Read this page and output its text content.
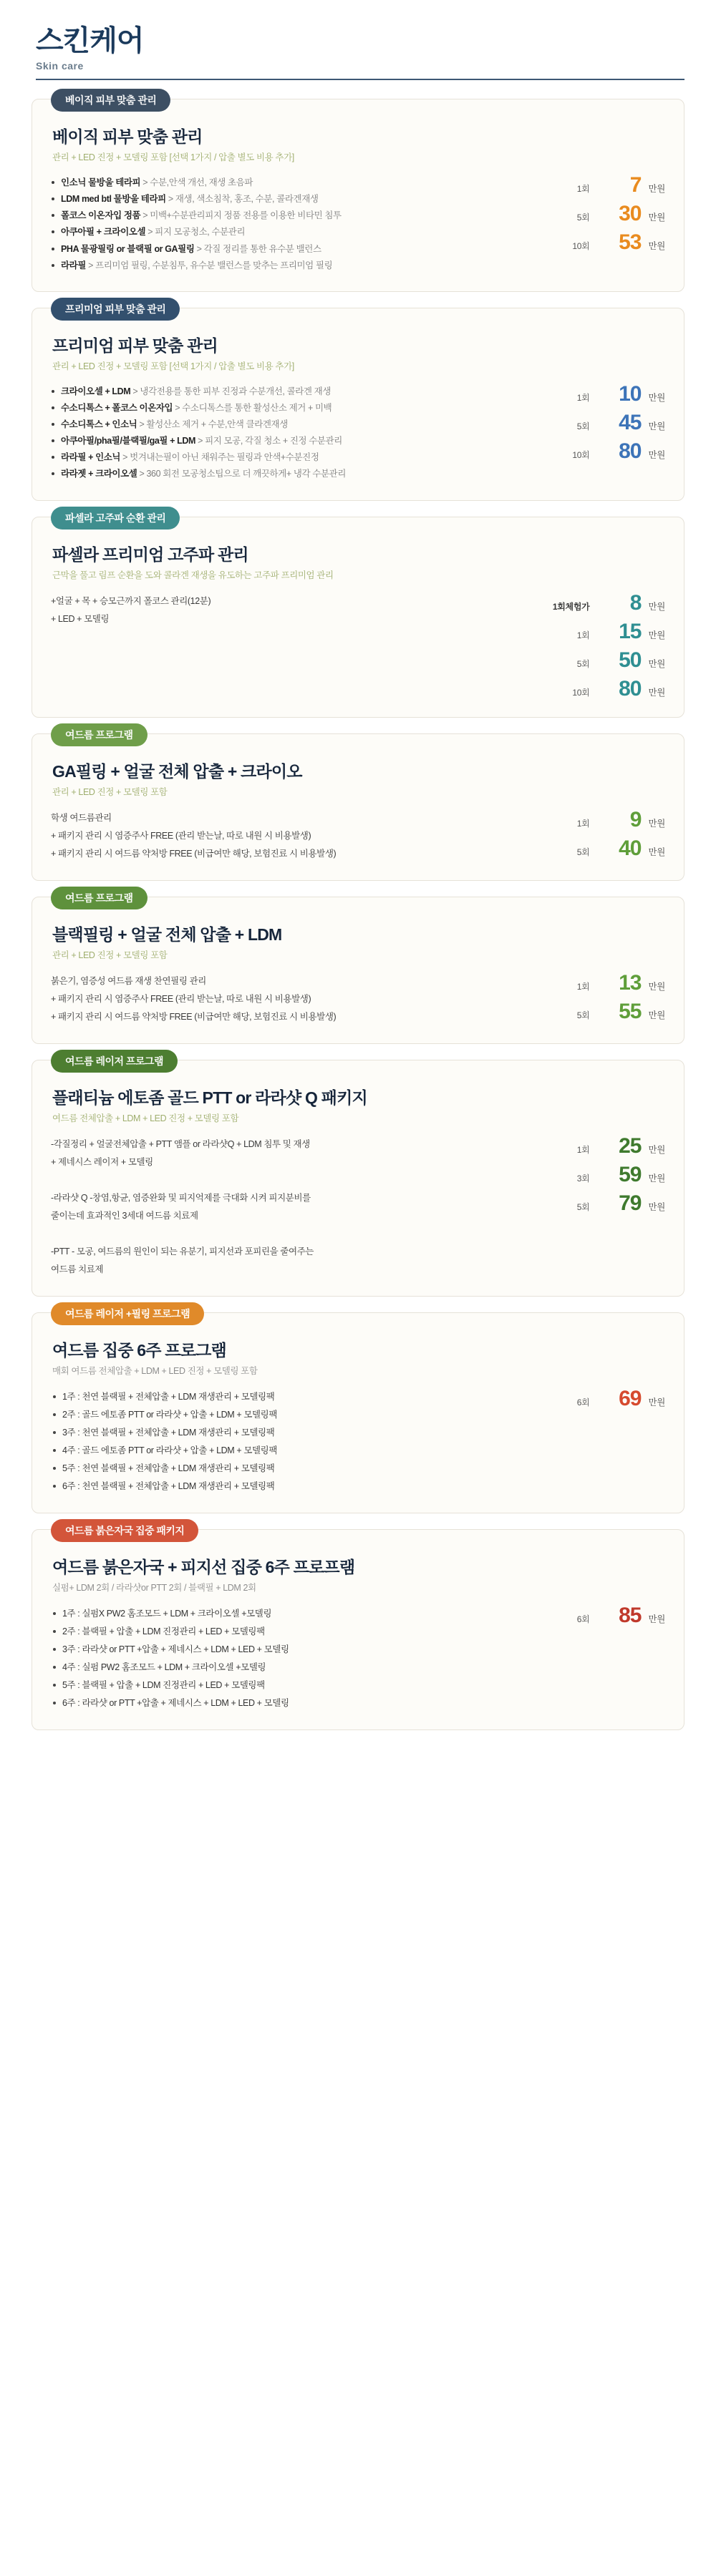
스킨케어
Skin care
베이직 피부 맞춤 관리
베이직 피부 맞춤 관리
관리 + LED 진정 + 모델링 포함 [선택 1가지 / 압출 별도 비용 추가]
인소닉 물방울 테라피 > 수분,안색 개선, 재생 초음파
LDM med btl 물방울 테라피 > 재생, 색소침착, 홍조, 수분, 콜라겐재생
폴코스 이온자입 정품 > 미백+수분관리피지 정품 전용를 이용한 비타민 침투
아쿠아필 + 크라이오셀 > 피지 모공청소, 수분관리
PHA 물광필링 or 블랙필 or GA필링 > 각질 정리를 통한 유수분 밸런스
라라필 > 프리미엄 필링, 수분침투, 유수분 밸런스를 맞추는 프리미엄 필링
1회	7 만원
5회	30 만원
10회	53 만원
프리미엄 피부 맞춤 관리
프리미엄 피부 맞춤 관리
관리 + LED 진정 + 모델링 포함 [선택 1가지 / 압출 별도 비용 추가]
크라이오셀 + LDM > 냉각전용를 통한 피부 진정과 수분개선, 콜라겐 재생
수소디톡스 + 폴코스 이온자입 > 수소디톡스를 통한 활성산소 제거 + 미백
수소디톡스 + 인소닉 > 활성산소 제거 + 수분,안색 클라겐재생
아쿠아필/pha필/블랙필/ga필 + LDM > 피지 모공, 각질 청소 + 진정 수분관리
라라필 + 인소닉 > 벗겨내는필이 아닌 채워주는 필링과 안색+수분진정
라라젯 + 크라이오셀 > 360 회전 모공청소팁으로 더 깨끗하게+ 냉각 수분관리
1회	10 만원
5회	45 만원
10회	80 만원
파셀라 고주파 순환 관리
파셀라 프리미엄 고주파 관리
근막을 풀고 림프 순환을 도와 콜라겐 재생을 유도하는 고주파 프리미엄 관리
+얼굴 + 목 + 승모근까지 폴코스 관리(12분)
+ LED + 모델링
1회체험가	8 만원
1회	15 만원
5회	50 만원
10회	80 만원
여드름 프로그램
GA필링 + 얼굴 전체 압출 + 크라이오
관리 + LED 진정 + 모델링 포함
학생 여드름관리
+ 패키지 관리 시 염증주사 FREE (관리 받는날, 따로 내원 시 비용발생)
+ 패키지 관리 시 여드름 약처방 FREE (비급여만 해당, 보험진료 시 비용발생)
1회	9 만원
5회	40 만원
여드름 프로그램
블랙필링 + 얼굴 전체 압출 + LDM
관리 + LED 진정 + 모델링 포함
붉은기, 염증성 여드름 재생 찬연필링 관리
+ 패키지 관리 시 염증주사 FREE (관리 받는날, 따로 내원 시 비용발생)
+ 패키지 관리 시 여드름 약처방 FREE (비급여만 해당, 보험진료 시 비용발생)
1회	13 만원
5회	55 만원
여드름 레이저 프로그램
플래티늄 에토좀 골드 PTT or 라라샷 Q 패키지
여드름 전체압출 + LDM + LED 진정 + 모델링 포함
-각질정리 + 얼굴전체압출 + PTT 앰플 or 라라샷Q + LDM 침투 및 재생
+ 제네시스 레이저 + 모델링

-라라샷 Q -창염,항균, 염증완화 및 피지억제를 극대화 시켜 피지분비를
줄이는데 효과적인 3세대 여드름 치료제

-PTT - 모공, 여드름의 원인이 되는 유분기, 피지선과 포피린을 줄여주는
여드름 치료제
1회	25 만원
3회	59 만원
5회	79 만원
여드름 레이저 +필링 프로그램
여드름 집중 6주 프로그램
매회 여드름 전체압출 + LDM + LED 진정 + 모델링 포함
1주 : 천연 블랙필 + 전체압출 + LDM 재생관리 + 모델링팩
2주 : 골드 에토좀 PTT or 라라샷 + 압출 + LDM + 모델링팩
3주 : 천연 블랙필 + 전체압출 + LDM 재생관리 + 모델링팩
4주 : 골드 에토좀 PTT or 라라샷 + 압출 + LDM + 모델링팩
5주 : 천연 블랙필 + 전체압출 + LDM 재생관리 + 모델링팩
6주 : 천연 블랙필 + 전체압출 + LDM 재생관리 + 모델링팩
6회	69 만원
여드름 붉은자국 집중 패키지
여드름 붉은자국 + 피지선 집중 6주 프로프램
실펌+ LDM 2회 / 라라샷or PTT 2회 / 블랙필 + LDM 2회
1주 : 실펌X PW2 홈조모드 + LDM + 크라이오셀 +모델링
2주 : 블랙필 + 압출 + LDM 진정관리 + LED + 모델링팩
3주 : 라라샷 or PTT +압출 + 제네시스 + LDM + LED + 모델링
4주 : 실펌 PW2 홈조모드 + LDM + 크라이오셀 +모델링
5주 : 블랙필 + 압출 + LDM 진정관리 + LED + 모델링팩
6주 : 라라샷 or PTT +압출 + 제네시스 + LDM + LED + 모델링
6회	85 만원
